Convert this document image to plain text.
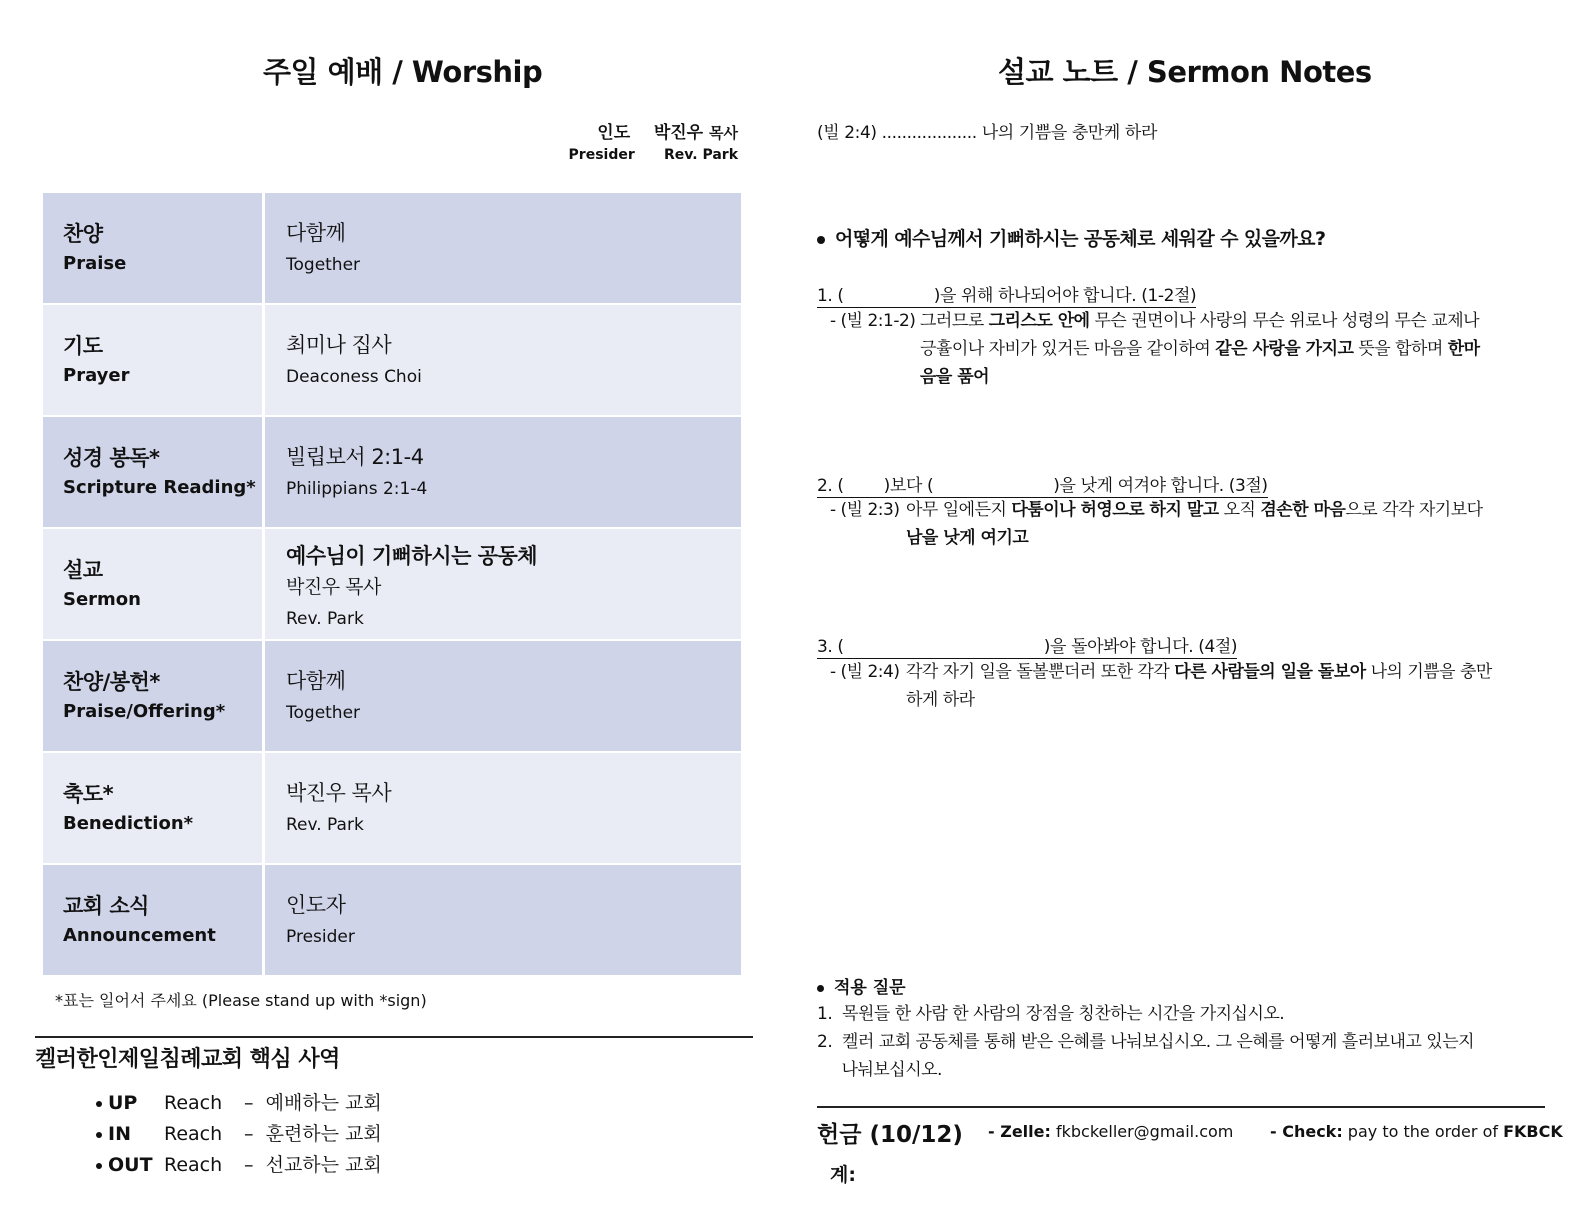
주일 예배 / Worship
인도 박진우 목사
Presider Rev. Park
찬양
Praise
다함께
Together
기도
Prayer
최미나 집사
Deaconess Choi
성경 봉독*
Scripture Reading*
빌립보서 2:1-4
Philippians 2:1-4
설교
Sermon
예수님이 기뻐하시는 공동체
박진우 목사
Rev. Park
찬양/봉헌*
Praise/Offering*
다함께
Together
축도*
Benediction*
박진우 목사
Rev. Park
교회 소식
Announcement
인도자
Presider
*표는 일어서 주세요 (Please stand up with *sign)
켈러한인제일침례교회 핵심 사역
UP Reach – 예배하는 교회
IN Reach – 훈련하는 교회
OUT Reach – 선교하는 교회
설교 노트 / Sermon Notes
(빌 2:4) ................... 나의 기쁨을 충만케 하라
어떻게 예수님께서 기뻐하시는 공동체로 세워갈 수 있을까요?
1. (                  )을 위해 하나되어야 합니다. (1-2절)
- (빌 2:1-2) 그러므로 그리스도 안에 무슨 권면이나 사랑의 무슨 위로나 성령의 무슨 교제나
긍휼이나 자비가 있거든 마음을 같이하여 같은 사랑을 가지고 뜻을 합하며 한마
음을 품어
2. (        )보다 (                        )을 낫게 여겨야 합니다. (3절)
- (빌 2:3) 아무 일에든지 다툼이나 허영으로 하지 말고 오직 겸손한 마음으로 각각 자기보다
남을 낫게 여기고
3. (                                        )을 돌아봐야 합니다. (4절)
- (빌 2:4) 각각 자기 일을 돌볼뿐더러 또한 각각 다른 사람들의 일을 돌보아 나의 기쁨을 충만
하게 하라
적용 질문
1.  목원들 한 사람 한 사람의 장점을 칭찬하는 시간을 가지십시오.
2.  켈러 교회 공동체를 통해 받은 은혜를 나눠보십시오. 그 은혜를 어떻게 흘러보내고 있는지
나눠보십시오.
헌금 (10/12) - Zelle: fkbckeller@gmail.com - Check: pay to the order of FKBCK
계:
